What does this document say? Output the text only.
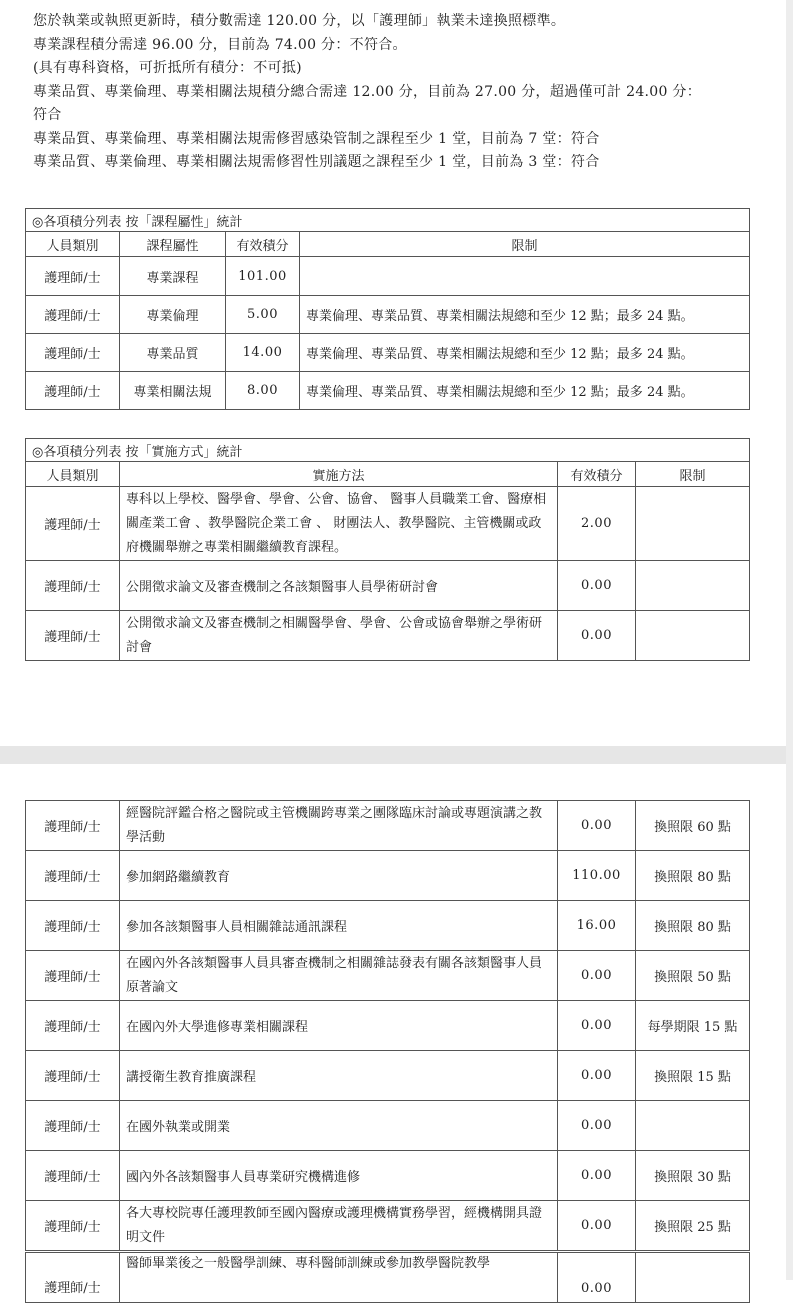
您於執業或執照更新時，積分數需達 120.00 分，以「護理師」執業未達換照標準。
專業課程積分需達 96.00 分，目前為 74.00 分：不符合。
(具有專科資格，可折抵所有積分：不可抵)
專業品質、專業倫理、專業相關法規積分總合需達 12.00 分，目前為 27.00 分，超過僅可計 24.00 分：
符合
專業品質、專業倫理、專業相關法規需修習感染管制之課程至少 1 堂，目前為 7 堂：符合
專業品質、專業倫理、專業相關法規需修習性別議題之課程至少 1 堂，目前為 3 堂：符合
◎各項積分列表 按「課程屬性」統計			
人員類別	課程屬性	有效積分	限制
護理師/士	專業課程	101.00	
護理師/士	專業倫理	5.00	專業倫理、專業品質、專業相關法規總和至少 12 點；最多 24 點。
護理師/士	專業品質	14.00	專業倫理、專業品質、專業相關法規總和至少 12 點；最多 24 點。
護理師/士	專業相關法規	8.00	專業倫理、專業品質、專業相關法規總和至少 12 點；最多 24 點。
◎各項積分列表 按「實施方式」統計			
人員類別	實施方法	有效積分	限制
護理師/士	專科以上學校、醫學會、學會、公會、協會、 醫事人員職業工會、醫療相關產業工會 、教學醫院企業工會 、 財團法人、教學醫院、主管機關或政府機關舉辦之專業相關繼續教育課程。	2.00	
護理師/士	公開徵求論文及審查機制之各該類醫事人員學術研討會	0.00	
護理師/士	公開徵求論文及審查機制之相關醫學會、學會、公會或協會舉辦之學術研討會	0.00	
護理師/士	經醫院評鑑合格之醫院或主管機關跨專業之團隊臨床討論或專題演講之教學活動	0.00	換照限 60 點
護理師/士	參加網路繼續教育	110.00	換照限 80 點
護理師/士	參加各該類醫事人員相關雜誌通訊課程	16.00	換照限 80 點
護理師/士	在國內外各該類醫事人員具審查機制之相關雜誌發表有關各該類醫事人員原著論文	0.00	換照限 50 點
護理師/士	在國內外大學進修專業相關課程	0.00	每學期限 15 點
護理師/士	講授衛生教育推廣課程	0.00	換照限 15 點
護理師/士	在國外執業或開業	0.00	
護理師/士	國內外各該類醫事人員專業研究機構進修	0.00	換照限 30 點
護理師/士	各大專校院專任護理教師至國內醫療或護理機構實務學習，經機構開具證明文件	0.00	換照限 25 點
護理師/士	醫師畢業後之一般醫學訓練、專科醫師訓練或參加教學醫院教學	0.00	
